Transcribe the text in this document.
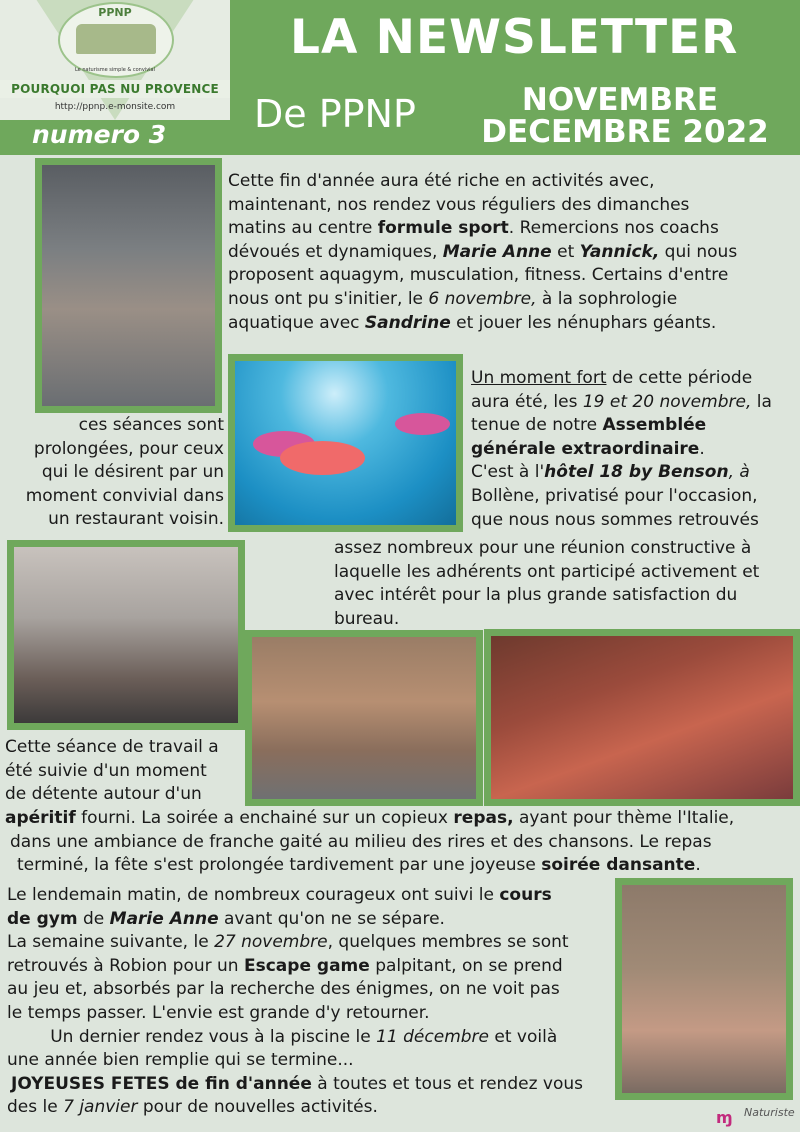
PPNP
Le naturisme simple & convivial
POURQUOI PAS NU PROVENCE
http://ppnp.e-monsite.com
numero 3
LA NEWSLETTER
De PPNP	NOVEMBRE
DECEMBRE 2022
Cette fin d'année aura été riche en activités avec,
maintenant, nos rendez vous réguliers des dimanches
matins au centre formule sport. Remercions nos coachs
dévoués et dynamiques, Marie Anne et Yannick, qui nous
proposent aquagym, musculation, fitness. Certains d'entre
nous ont pu s'initier, le 6 novembre, à la sophrologie
aquatique avec Sandrine et jouer les nénuphars géants.
ces séances sont
prolongées, pour ceux
qui le désirent par un
moment convivial dans
un restaurant voisin.
Un moment fort de cette période
aura été, les 19 et 20 novembre, la
tenue de notre Assemblée
générale extraordinaire.
C'est à l'hôtel 18 by Benson, à
Bollène, privatisé pour l'occasion,
que nous nous sommes retrouvés
assez nombreux pour une réunion constructive à
laquelle les adhérents ont participé activement et
avec intérêt pour la plus grande satisfaction du
bureau.
Cette séance de travail a
été suivie d'un moment
de détente autour d'un
apéritif fourni. La soirée a enchainé sur un copieux repas, ayant pour thème l'Italie,
dans une ambiance de franche gaité au milieu des rires et des chansons. Le repas
terminé, la fête s'est prolongée tardivement par une joyeuse soirée dansante.
Le lendemain matin, de nombreux courageux ont suivi le cours
de gym de Marie Anne avant qu'on ne se sépare.
La semaine suivante, le 27 novembre, quelques membres se sont
retrouvés à Robion pour un Escape game palpitant, on se prend
au jeu et, absorbés par la recherche des énigmes, on ne voit pas
le temps passer. L'envie est grande d'y retourner.
Un dernier rendez vous à la piscine le 11 décembre et voilà
une année bien remplie qui se termine...
JOYEUSES FETES de fin d'année à toutes et tous et rendez vous
des le 7 janvier pour de nouvelles activités.
ɱ Naturiste
